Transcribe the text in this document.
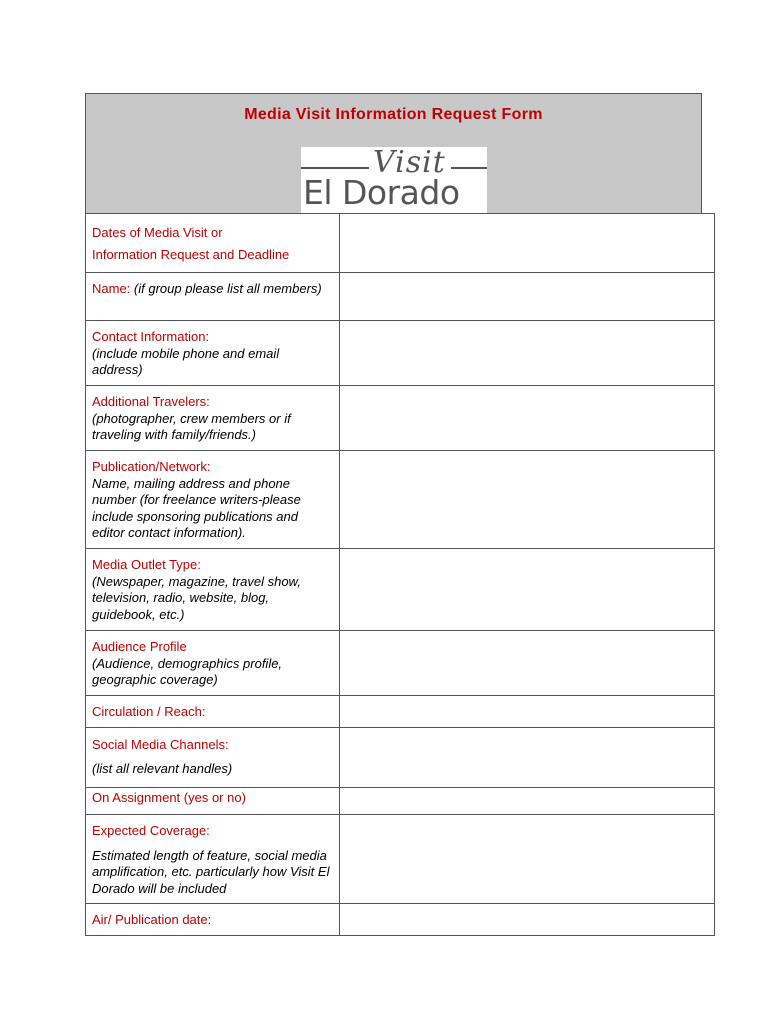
Media Visit Information Request Form
Visit
El Dorado
Dates of Media Visit or
Information Request and Deadline	

Name: (if group please list all members)	

Contact Information:
(include mobile phone and email address)	

Additional Travelers:
(photographer, crew members or if traveling with family/friends.)	

Publication/Network:
Name, mailing address and phone number (for freelance writers-please include sponsoring publications and editor contact information).	

Media Outlet Type:
(Newspaper, magazine, travel show, television, radio, website, blog, guidebook, etc.)	

Audience Profile
(Audience, demographics profile, geographic coverage)	

Circulation / Reach:	

Social Media Channels:
(list all relevant handles)	

On Assignment (yes or no)	

Expected Coverage:
Estimated length of feature, social media amplification, etc. particularly how Visit El Dorado will be included	

Air/ Publication date:	
